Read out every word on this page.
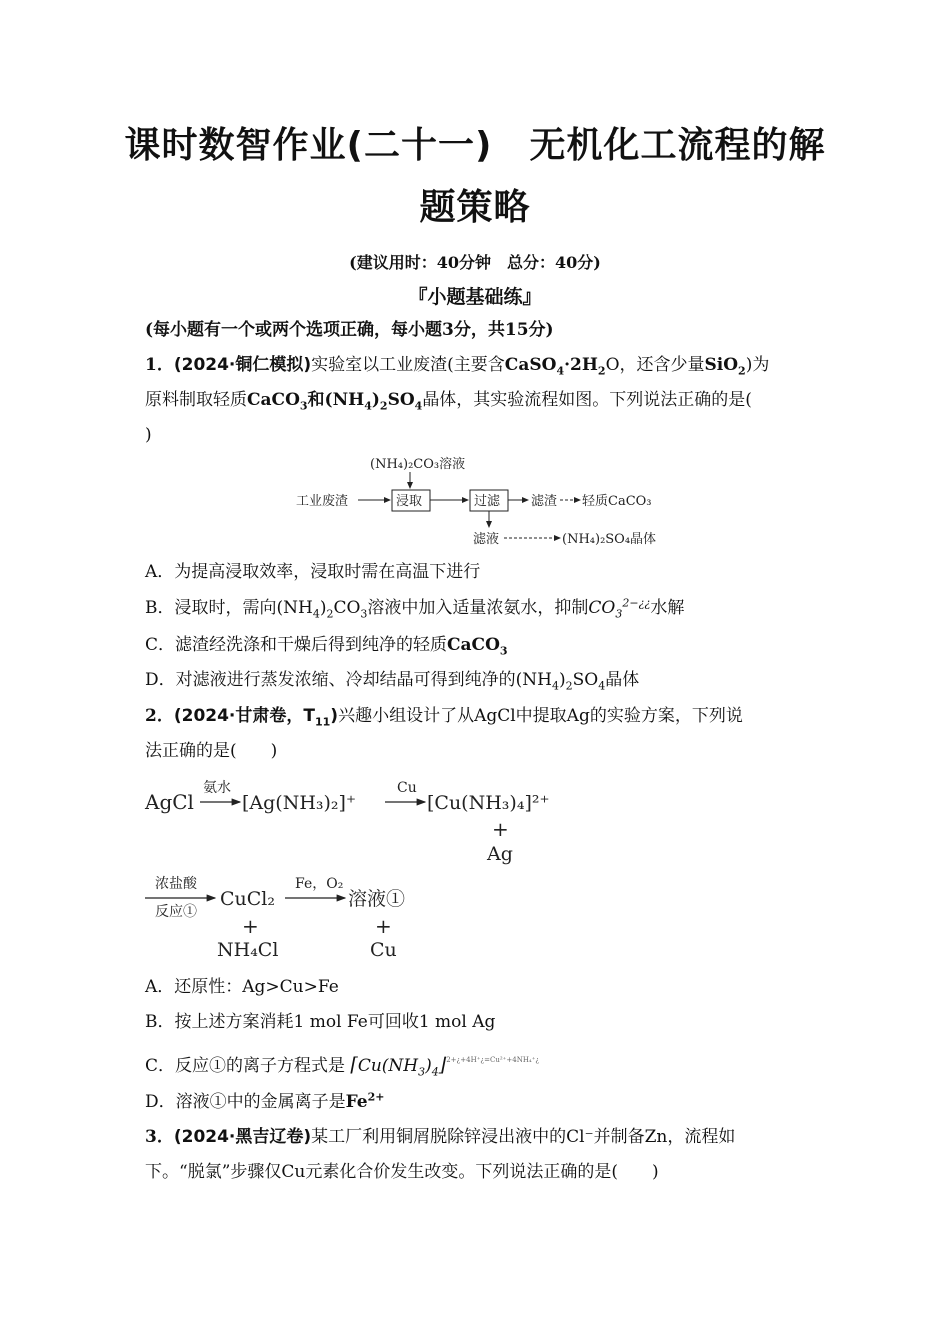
课时数智作业(二十一)　无机化工流程的解
题策略
(建议用时：40分钟　总分：40分)
『小题基础练』
(每小题有一个或两个选项正确，每小题3分，共15分)
1．(2024·铜仁模拟)实验室以工业废渣(主要含$CaSO_4\cdot 2H_2O$，还含少量SiO$_2$)为
原料制取轻质CaCO$_3$和$(NH_4)_2SO_4$晶体，其实验流程如图。下列说法正确的是(
)
(NH₄)₂CO₃溶液
工业废渣	浸取	过滤 滤渣 轻质CaCO₃
滤液	(NH₄)₂SO₄晶体
A．为提高浸取效率，浸取时需在高温下进行
B．浸取时，需向$(NH_4)_2CO_3$溶液中加入适量浓氨水，抑制$CO_3^{2-¿¿}$水解
C．滤渣经洗涤和干燥后得到纯净的轻质CaCO$_3$
D．对滤液进行蒸发浓缩、冷却结晶可得到纯净的$(NH_4)_2SO_4$晶体
2．(2024·甘肃卷，$T_{11}$)兴趣小组设计了从AgCl中提取Ag的实验方案，下列说
法正确的是(　　)
AgCl
氨水
[Ag(NH₃)₂]⁺
Cu
[Cu(NH₃)₄]²⁺
+
Ag
浓盐酸
反应①
CuCl₂
+
NH₄Cl
Fe，O₂
溶液①
+
Cu
A．还原性：Ag>Cu>Fe
B．按上述方案消耗1 mol Fe可回收1 mol Ag
C．反应①的离子方程式是 $⌈Cu(NH_3)_4⌋^{2+¿+4H^+¿=Cu^{2+}+4NH_4^+¿}$
D．溶液①中的金属离子是$Fe^{2+}$
3．(2024·黑吉辽卷)某工厂利用铜屑脱除锌浸出液中的Cl⁻并制备Zn，流程如
下。“脱氯”步骤仅Cu元素化合价发生改变。下列说法正确的是(　　)
